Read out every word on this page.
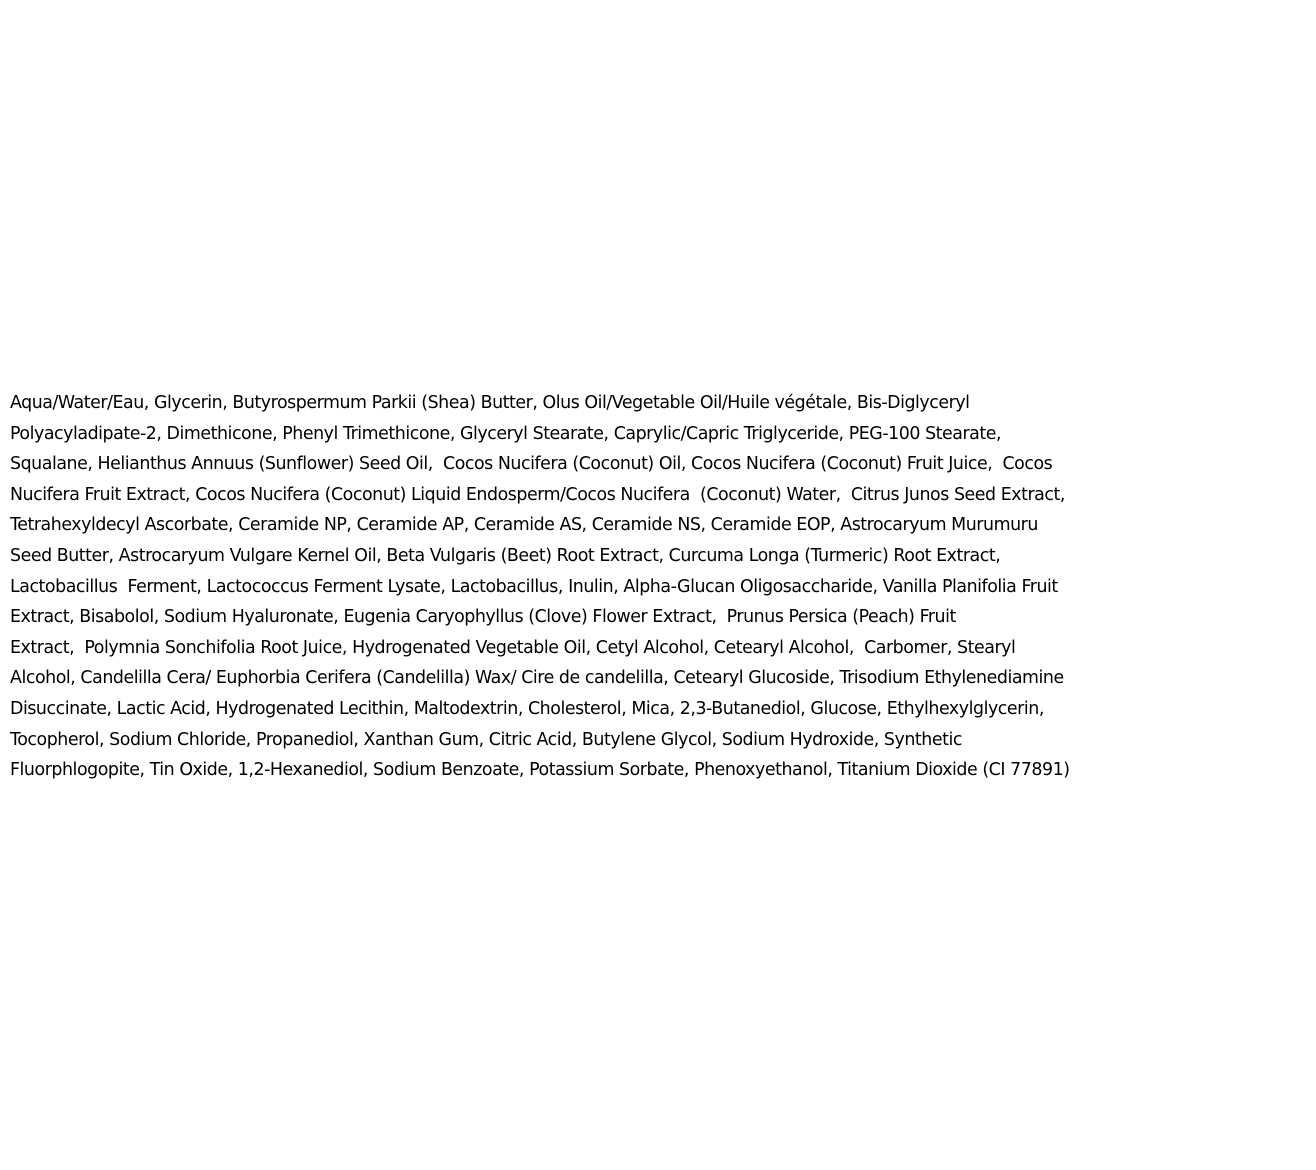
Aqua/Water/Eau, Glycerin, Butyrospermum Parkii (Shea) Butter, Olus Oil/Vegetable Oil/Huile végétale, Bis-Diglyceryl
Polyacyladipate-2, Dimethicone, Phenyl Trimethicone, Glyceryl Stearate, Caprylic/Capric Triglyceride, PEG-100 Stearate,
Squalane, Helianthus Annuus (Sunflower) Seed Oil,  Cocos Nucifera (Coconut) Oil, Cocos Nucifera (Coconut) Fruit Juice,  Cocos
Nucifera Fruit Extract, Cocos Nucifera (Coconut) Liquid Endosperm/Cocos Nucifera  (Coconut) Water,  Citrus Junos Seed Extract,
Tetrahexyldecyl Ascorbate, Ceramide NP, Ceramide AP, Ceramide AS, Ceramide NS, Ceramide EOP, Astrocaryum Murumuru
Seed Butter, Astrocaryum Vulgare Kernel Oil, Beta Vulgaris (Beet) Root Extract, Curcuma Longa (Turmeric) Root Extract,
Lactobacillus  Ferment, Lactococcus Ferment Lysate, Lactobacillus, Inulin, Alpha-Glucan Oligosaccharide, Vanilla Planifolia Fruit
Extract, Bisabolol, Sodium Hyaluronate, Eugenia Caryophyllus (Clove) Flower Extract,  Prunus Persica (Peach) Fruit
Extract,  Polymnia Sonchifolia Root Juice, Hydrogenated Vegetable Oil, Cetyl Alcohol, Cetearyl Alcohol,  Carbomer, Stearyl
Alcohol, Candelilla Cera/ Euphorbia Cerifera (Candelilla) Wax/ Cire de candelilla, Cetearyl Glucoside, Trisodium Ethylenediamine
Disuccinate, Lactic Acid, Hydrogenated Lecithin, Maltodextrin, Cholesterol, Mica, 2,3-Butanediol, Glucose, Ethylhexylglycerin,
Tocopherol, Sodium Chloride, Propanediol, Xanthan Gum, Citric Acid, Butylene Glycol, Sodium Hydroxide, Synthetic
Fluorphlogopite, Tin Oxide, 1,2-Hexanediol, Sodium Benzoate, Potassium Sorbate, Phenoxyethanol, Titanium Dioxide (CI 77891)
